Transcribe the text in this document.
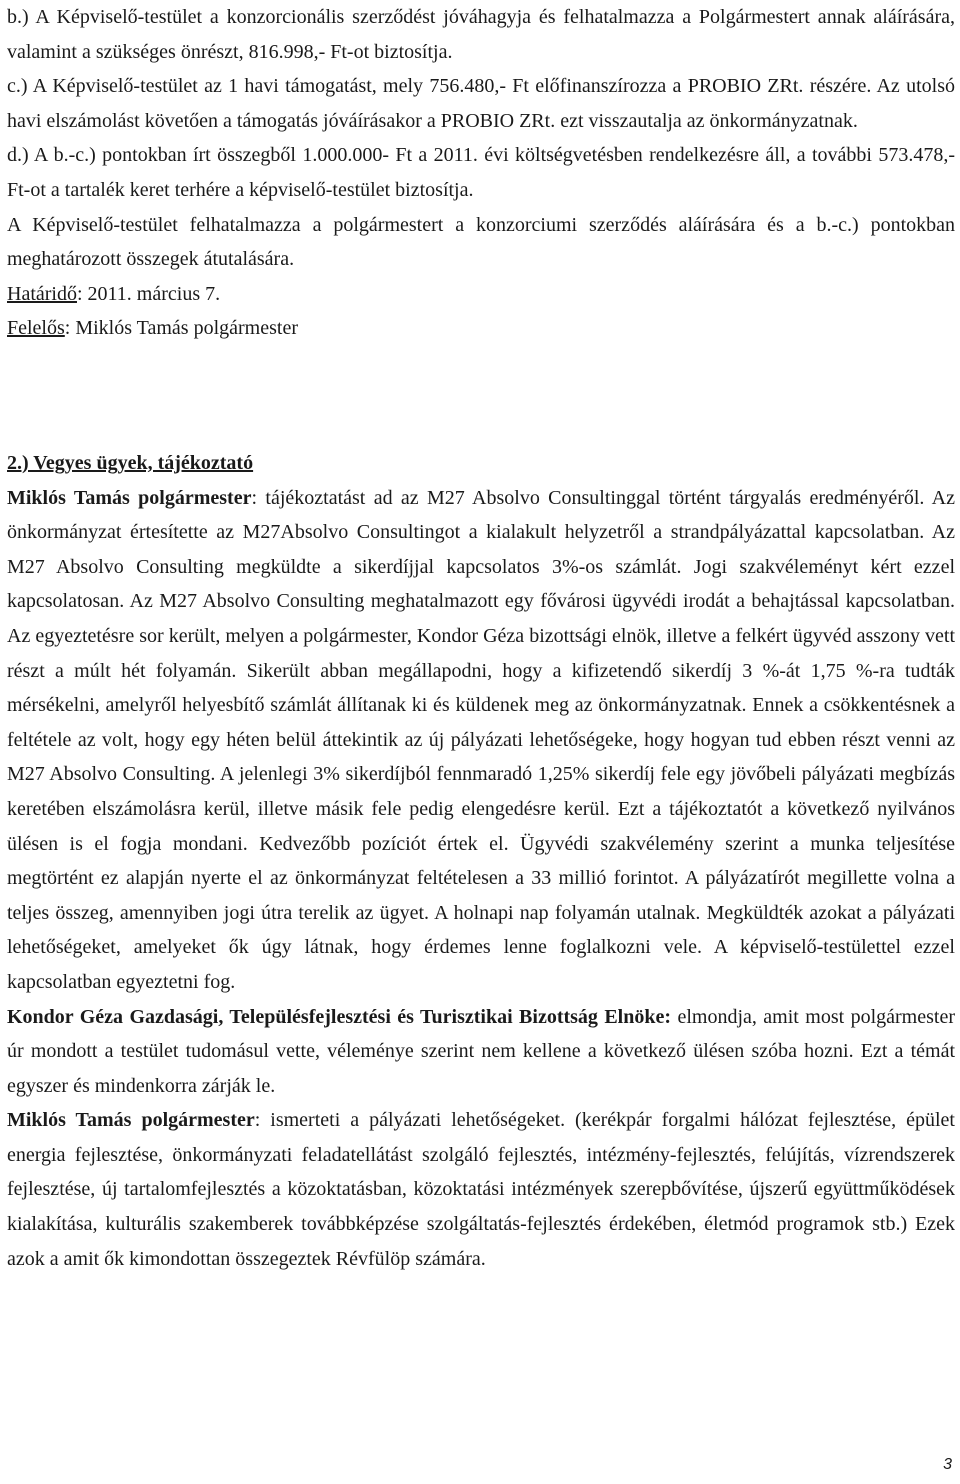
b.) A Képviselő-testület a konzorcionális szerződést jóváhagyja és felhatalmazza a Polgármestert annak aláírására, valamint a szükséges önrészt, 816.998,- Ft-ot biztosítja.

c.) A Képviselő-testület az 1 havi támogatást, mely 756.480,- Ft előfinanszírozza a PROBIO ZRt. részére. Az utolsó havi elszámolást követően a támogatás jóváírásakor a PROBIO ZRt. ezt visszautalja az önkormányzatnak.

d.) A b.-c.) pontokban írt összegből 1.000.000- Ft a 2011. évi költségvetésben rendelkezésre áll, a további 573.478,- Ft-ot a tartalék keret terhére a képviselő-testület biztosítja.

A Képviselő-testület felhatalmazza a polgármestert a konzorciumi szerződés aláírására és a b.-c.) pontokban meghatározott összegek átutalására.

Határidő: 2011. március 7.

Felelős: Miklós Tamás polgármester

2.) Vegyes ügyek, tájékoztató

Miklós Tamás polgármester: tájékoztatást ad az M27 Absolvo Consultinggal történt tárgyalás eredményéről. Az önkormányzat értesítette az M27Absolvo Consultingot a kialakult helyzetről a strandpályázattal kapcsolatban. Az M27 Absolvo Consulting megküldte a sikerdíjjal kapcsolatos 3%-os számlát. Jogi szakvéleményt kért ezzel kapcsolatosan. Az M27 Absolvo Consulting meghatalmazott egy fővárosi ügyvédi irodát a behajtással kapcsolatban. Az egyeztetésre sor került, melyen a polgármester, Kondor Géza bizottsági elnök, illetve a felkért ügyvéd asszony vett részt a múlt hét folyamán. Sikerült abban megállapodni, hogy a kifizetendő sikerdíj 3 %-át 1,75 %-ra tudták mérsékelni, amelyről helyesbítő számlát állítanak ki és küldenek meg az önkormányzatnak. Ennek a csökkentésnek a feltétele az volt, hogy egy héten belül áttekintik az új pályázati lehetőségeke, hogy hogyan tud ebben részt venni az M27 Absolvo Consulting. A jelenlegi 3% sikerdíjból fennmaradó 1,25% sikerdíj fele egy jövőbeli pályázati megbízás keretében elszámolásra kerül, illetve másik fele pedig elengedésre kerül. Ezt a tájékoztatót a következő nyilvános ülésen is el fogja mondani. Kedvezőbb pozíciót értek el. Ügyvédi szakvélemény szerint a munka teljesítése megtörtént ez alapján nyerte el az önkormányzat feltételesen a 33 millió forintot. A pályázatírót megillette volna a teljes összeg, amennyiben jogi útra terelik az ügyet. A holnapi nap folyamán utalnak. Megküldték azokat a pályázati lehetőségeket, amelyeket ők úgy látnak, hogy érdemes lenne foglalkozni vele. A képviselő-testülettel ezzel kapcsolatban egyeztetni fog.

Kondor Géza Gazdasági, Településfejlesztési és Turisztikai Bizottság Elnöke: elmondja, amit most polgármester úr mondott a testület tudomásul vette, véleménye szerint nem kellene a következő ülésen szóba hozni. Ezt a témát egyszer és mindenkorra zárják le.

Miklós Tamás polgármester: ismerteti a pályázati lehetőségeket. (kerékpár forgalmi hálózat fejlesztése, épület energia fejlesztése, önkormányzati feladatellátást szolgáló fejlesztés, intézmény-fejlesztés, felújítás, vízrendszerek fejlesztése, új tartalomfejlesztés a közoktatásban, közoktatási intézmények szerepbővítése, újszerű együttműködések kialakítása, kulturális szakemberek továbbképzése szolgáltatás-fejlesztés érdekében, életmód programok stb.) Ezek azok a amit ők kimondottan összegeztek Révfülöp számára.

3
